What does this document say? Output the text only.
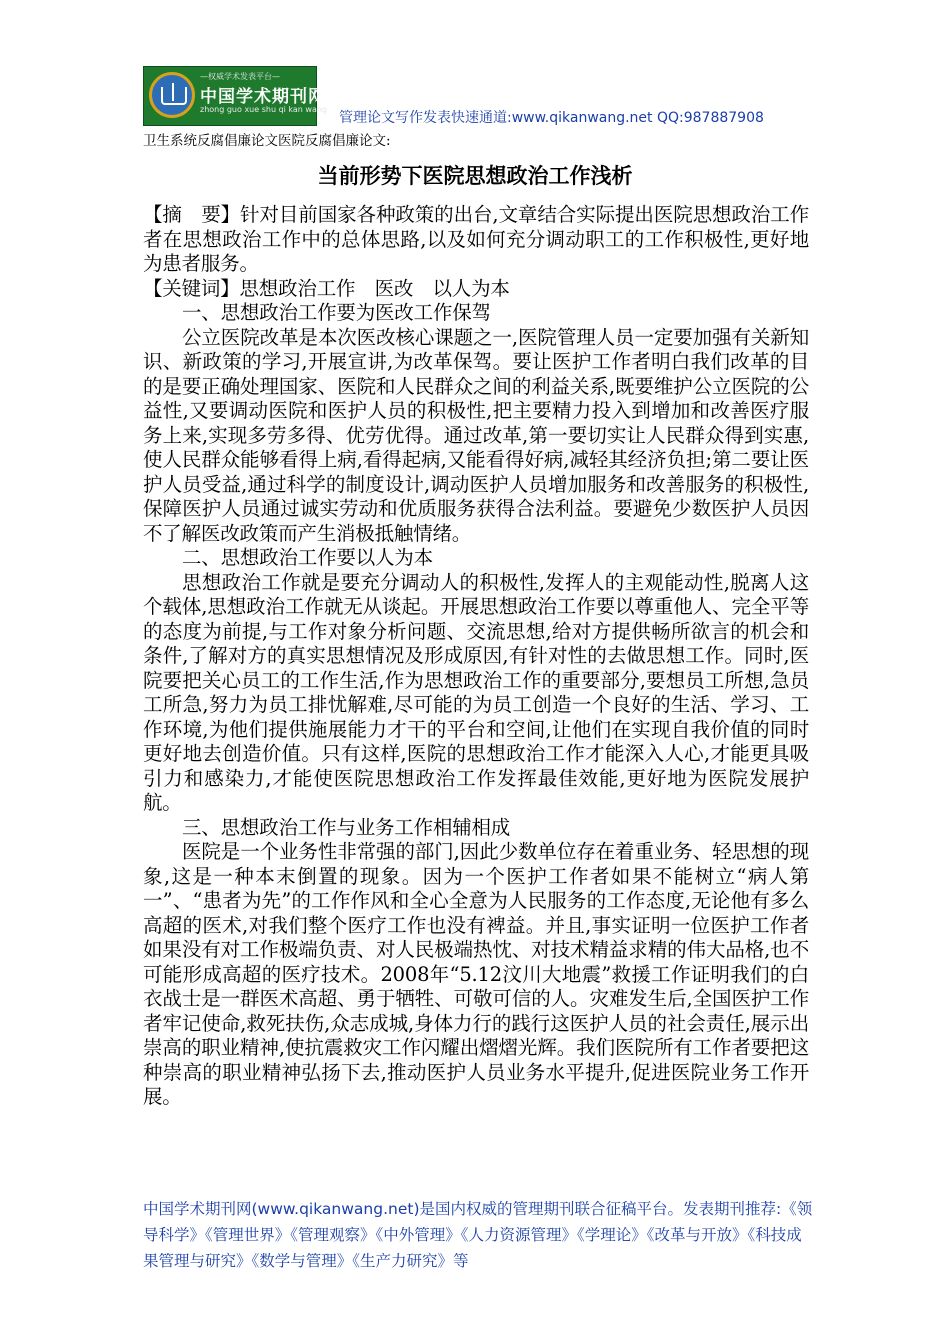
—权威学术发表平台—
中国学术期刊网
zhong guo xue shu qi kan wang
管理论文写作发表快速通道:www.qikanwang.net QQ:987887908
卫生系统反腐倡廉论文医院反腐倡廉论文:
当前形势下医院思想政治工作浅析

【摘　要】针对目前国家各种政策的出台,文章结合实际提出医院思想政治工作者在思想政治工作中的总体思路,以及如何充分调动职工的工作积极性,更好地为患者服务。

【关键词】思想政治工作　医改　以人为本

一、思想政治工作要为医改工作保驾

公立医院改革是本次医改核心课题之一,医院管理人员一定要加强有关新知识、新政策的学习,开展宣讲,为改革保驾。要让医护工作者明白我们改革的目的是要正确处理国家、医院和人民群众之间的利益关系,既要维护公立医院的公益性,又要调动医院和医护人员的积极性,把主要精力投入到增加和改善医疗服务上来,实现多劳多得、优劳优得。通过改革,第一要切实让人民群众得到实惠,使人民群众能够看得上病,看得起病,又能看得好病,减轻其经济负担;第二要让医护人员受益,通过科学的制度设计,调动医护人员增加服务和改善服务的积极性,保障医护人员通过诚实劳动和优质服务获得合法利益。要避免少数医护人员因不了解医改政策而产生消极抵触情绪。

二、思想政治工作要以人为本

思想政治工作就是要充分调动人的积极性,发挥人的主观能动性,脱离人这个载体,思想政治工作就无从谈起。开展思想政治工作要以尊重他人、完全平等的态度为前提,与工作对象分析问题、交流思想,给对方提供畅所欲言的机会和条件,了解对方的真实思想情况及形成原因,有针对性的去做思想工作。同时,医院要把关心员工的工作生活,作为思想政治工作的重要部分,要想员工所想,急员工所急,努力为员工排忧解难,尽可能的为员工创造一个良好的生活、学习、工作环境,为他们提供施展能力才干的平台和空间,让他们在实现自我价值的同时更好地去创造价值。只有这样,医院的思想政治工作才能深入人心,才能更具吸引力和感染力,才能使医院思想政治工作发挥最佳效能,更好地为医院发展护航。

三、思想政治工作与业务工作相辅相成

医院是一个业务性非常强的部门,因此少数单位存在着重业务、轻思想的现象,这是一种本末倒置的现象。因为一个医护工作者如果不能树立“病人第一”、“患者为先”的工作作风和全心全意为人民服务的工作态度,无论他有多么高超的医术,对我们整个医疗工作也没有裨益。并且,事实证明一位医护工作者如果没有对工作极端负责、对人民极端热忱、对技术精益求精的伟大品格,也不可能形成高超的医疗技术。2008年“5.12汶川大地震”救援工作证明我们的白衣战士是一群医术高超、勇于牺牲、可敬可信的人。灾难发生后,全国医护工作者牢记使命,救死扶伤,众志成城,身体力行的践行这医护人员的社会责任,展示出崇高的职业精神,使抗震救灾工作闪耀出熠熠光辉。我们医院所有工作者要把这种崇高的职业精神弘扬下去,推动医护人员业务水平提升,促进医院业务工作开展。

中国学术期刊网(www.qikanwang.net)是国内权威的管理期刊联合征稿平台。发表期刊推荐:《领导科学》《管理世界》《管理观察》《中外管理》《人力资源管理》《学理论》《改革与开放》《科技成果管理与研究》《数学与管理》《生产力研究》等
